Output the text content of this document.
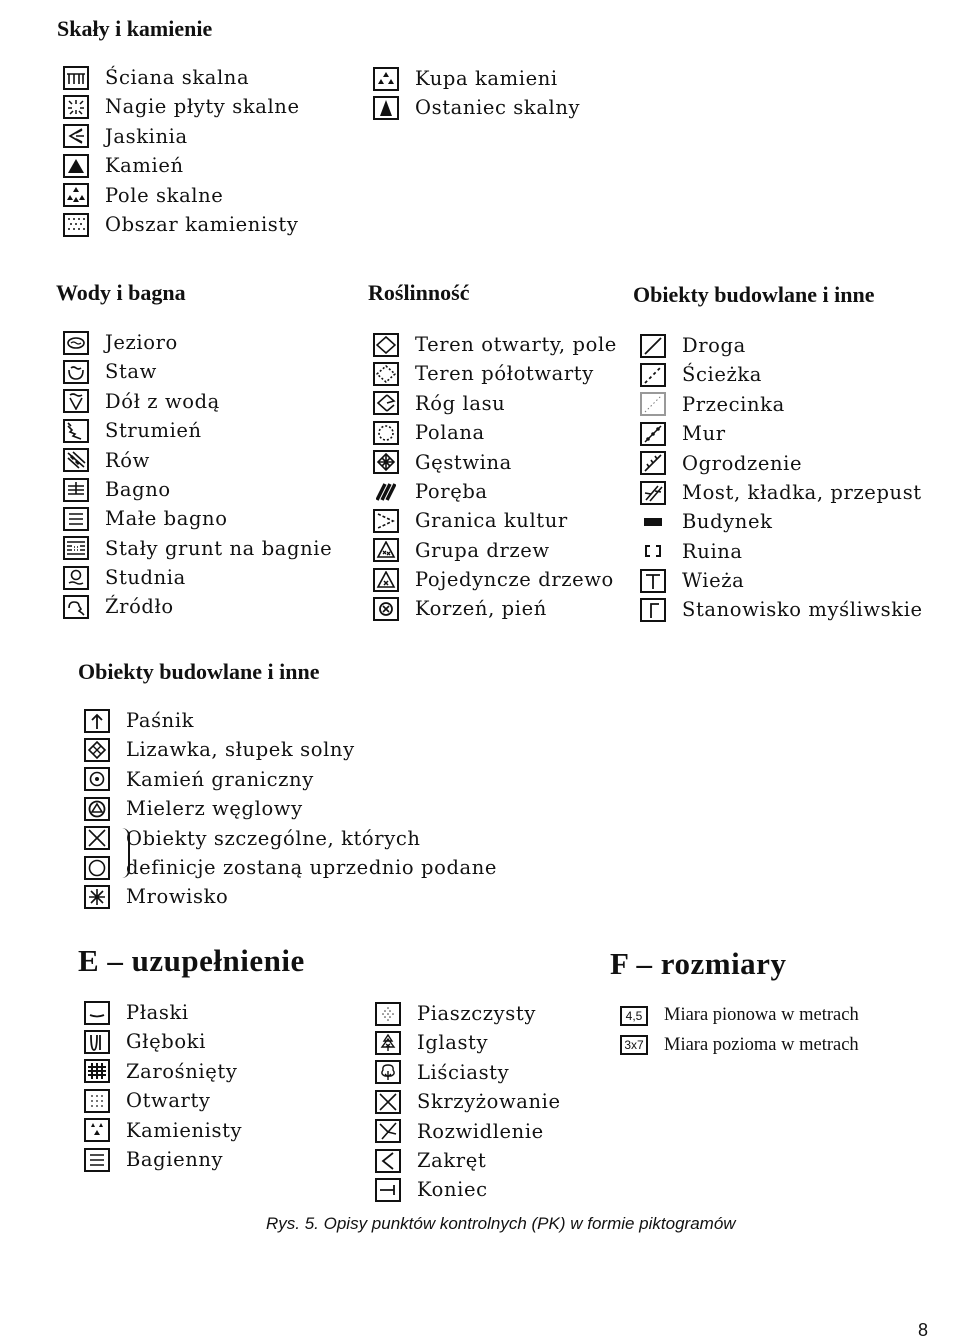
Skały i kamienie
Ściana skalna
Nagie płyty skalne
Jaskinia
Kamień
Pole skalne
Obszar kamienisty
Kupa kamieni
Ostaniec skalny
Wody i bagna
Jezioro
Staw
Dół z wodą
Strumień
Rów
Bagno
Małe bagno
Stały grunt na bagnie
Studnia
Źródło
Roślinność
Teren otwarty, pole
Teren półotwarty
Róg lasu
Polana
Gęstwina
Poręba
Granica kultur
Grupa drzew
Pojedyncze drzewo
Korzeń, pień
Obiekty budowlane i inne
Droga
Ścieżka
Przecinka
Mur
Ogrodzenie
Most, kładka, przepust
Budynek
Ruina
Wieża
Stanowisko myśliwskie
Obiekty budowlane i inne
Paśnik
Lizawka, słupek solny
Kamień graniczny
Mielerz węglowy
Obiekty szczególne, których
definicje zostaną uprzednio podane
Mrowisko
E – uzupełnienie
Płaski
Głęboki
Zarośnięty
Otwarty
Kamienisty
Bagienny
Piaszczysty
Iglasty
Liściasty
Skrzyżowanie
Rozwidlenie
Zakręt
Koniec
F – rozmiary
4,5	Miara pionowa w metrach
3x7 Miara pozioma w metrach

Rys. 5. Opisy punktów kontrolnych (PK) w formie piktogramów

8
